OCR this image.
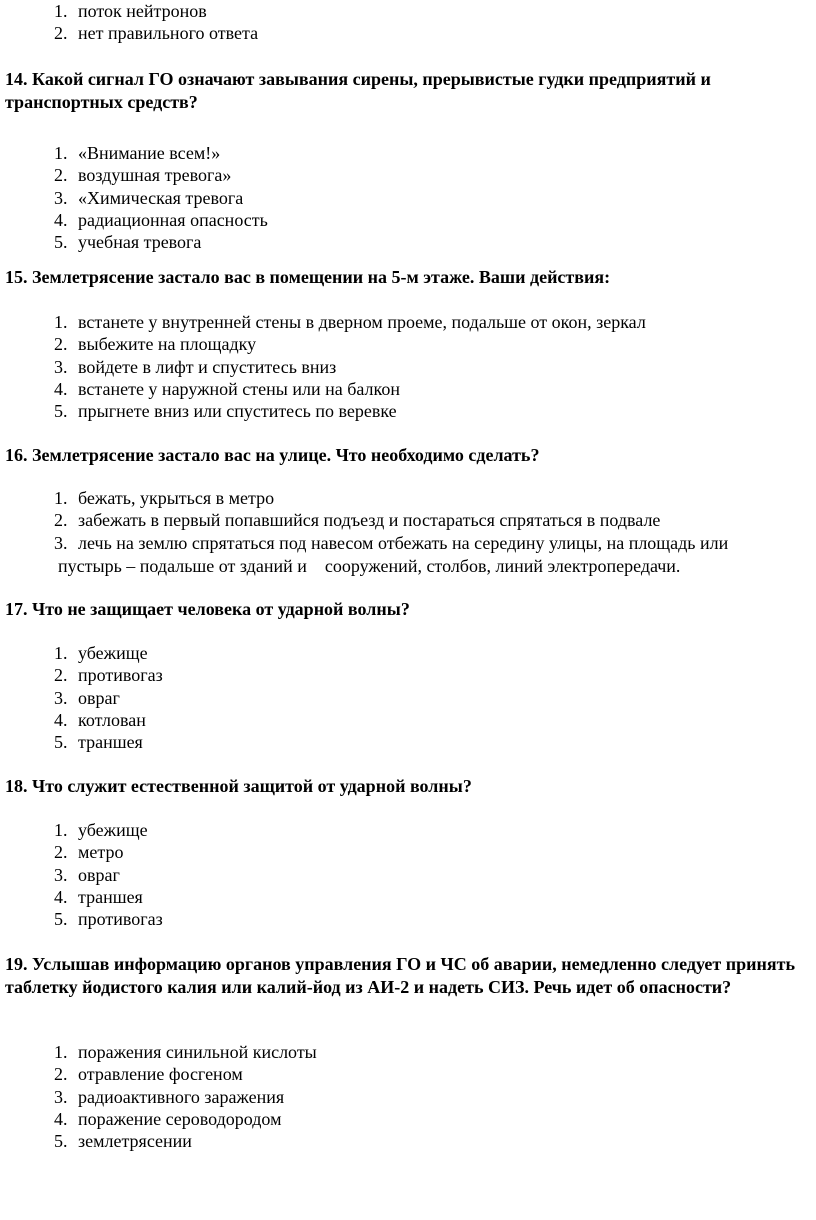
1. поток нейтронов
2. нет правильного ответа

14. Какой сигнал ГО означают завывания сирены, прерывистые гудки предприятий и транспортных средств?

1. «Внимание всем!»
2. воздушная тревога»
3. «Химическая тревога
4. радиационная опасность
5. учебная тревога

15. Землетрясение застало вас в помещении на 5-м этаже. Ваши действия:

1. встанете у внутренней стены в дверном проеме, подальше от окон, зеркал
2. выбежите на площадку
3. войдете в лифт и спуститесь вниз
4. встанете у наружной стены или на балкон
5. прыгнете вниз или спуститесь по веревке

16. Землетрясение застало вас на улице. Что необходимо сделать?

1. бежать, укрыться в метро
2. забежать в первый попавшийся подъезд и постараться спрятаться в подвале
3. лечь на землю спрятаться под навесом отбежать на середину улицы, на площадь или
пустырь – подальше от зданий и    сооружений, столбов, линий электропередачи.

17. Что не защищает человека от ударной волны?

1. убежище
2. противогаз
3. овраг
4. котлован
5. траншея

18. Что служит естественной защитой от ударной волны?

1. убежище
2. метро
3. овраг
4. траншея
5. противогаз

19. Услышав информацию органов управления ГО и ЧС об аварии, немедленно следует принять таблетку йодистого калия или калий-йод из АИ-2 и надеть СИЗ. Речь идет об опасности?

1. поражения синильной кислоты
2. отравление фосгеном
3. радиоактивного заражения
4. поражение сероводородом
5. землетрясении
